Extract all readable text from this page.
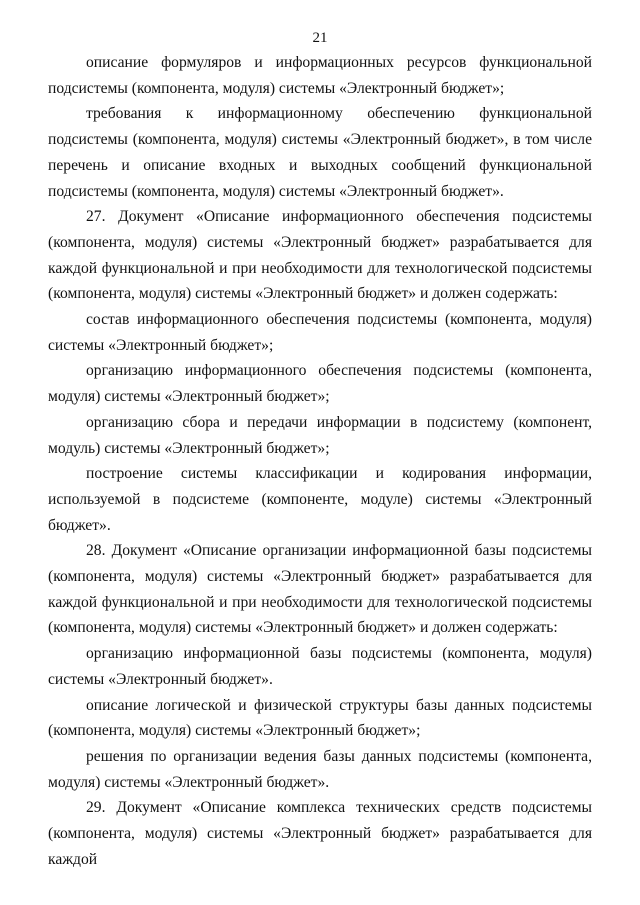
21

описание формуляров и информационных ресурсов функциональной подсистемы (компонента, модуля) системы «Электронный бюджет»;

требования к информационному обеспечению функциональной подсистемы (компонента, модуля) системы «Электронный бюджет», в том числе перечень и описание входных и выходных сообщений функциональной подсистемы (компонента, модуля) системы «Электронный бюджет».

27. Документ «Описание информационного обеспечения подсистемы (компонента, модуля) системы «Электронный бюджет» разрабатывается для каждой функциональной и при необходимости для технологической подсистемы (компонента, модуля) системы «Электронный бюджет» и должен содержать:

состав информационного обеспечения подсистемы (компонента, модуля) системы «Электронный бюджет»;

организацию информационного обеспечения подсистемы (компонента, модуля) системы «Электронный бюджет»;

организацию сбора и передачи информации в подсистему (компонент, модуль) системы «Электронный бюджет»;

построение системы классификации и кодирования информации, используемой в подсистеме (компоненте, модуле) системы «Электронный бюджет».

28. Документ «Описание организации информационной базы подсистемы (компонента, модуля) системы «Электронный бюджет» разрабатывается для каждой функциональной и при необходимости для технологической подсистемы (компонента, модуля) системы «Электронный бюджет» и должен содержать:

организацию информационной базы подсистемы (компонента, модуля) системы «Электронный бюджет».

описание логической и физической структуры базы данных подсистемы (компонента, модуля) системы «Электронный бюджет»;

решения по организации ведения базы данных подсистемы (компонента, модуля) системы «Электронный бюджет».

29. Документ «Описание комплекса технических средств подсистемы (компонента, модуля) системы «Электронный бюджет» разрабатывается для каждой
